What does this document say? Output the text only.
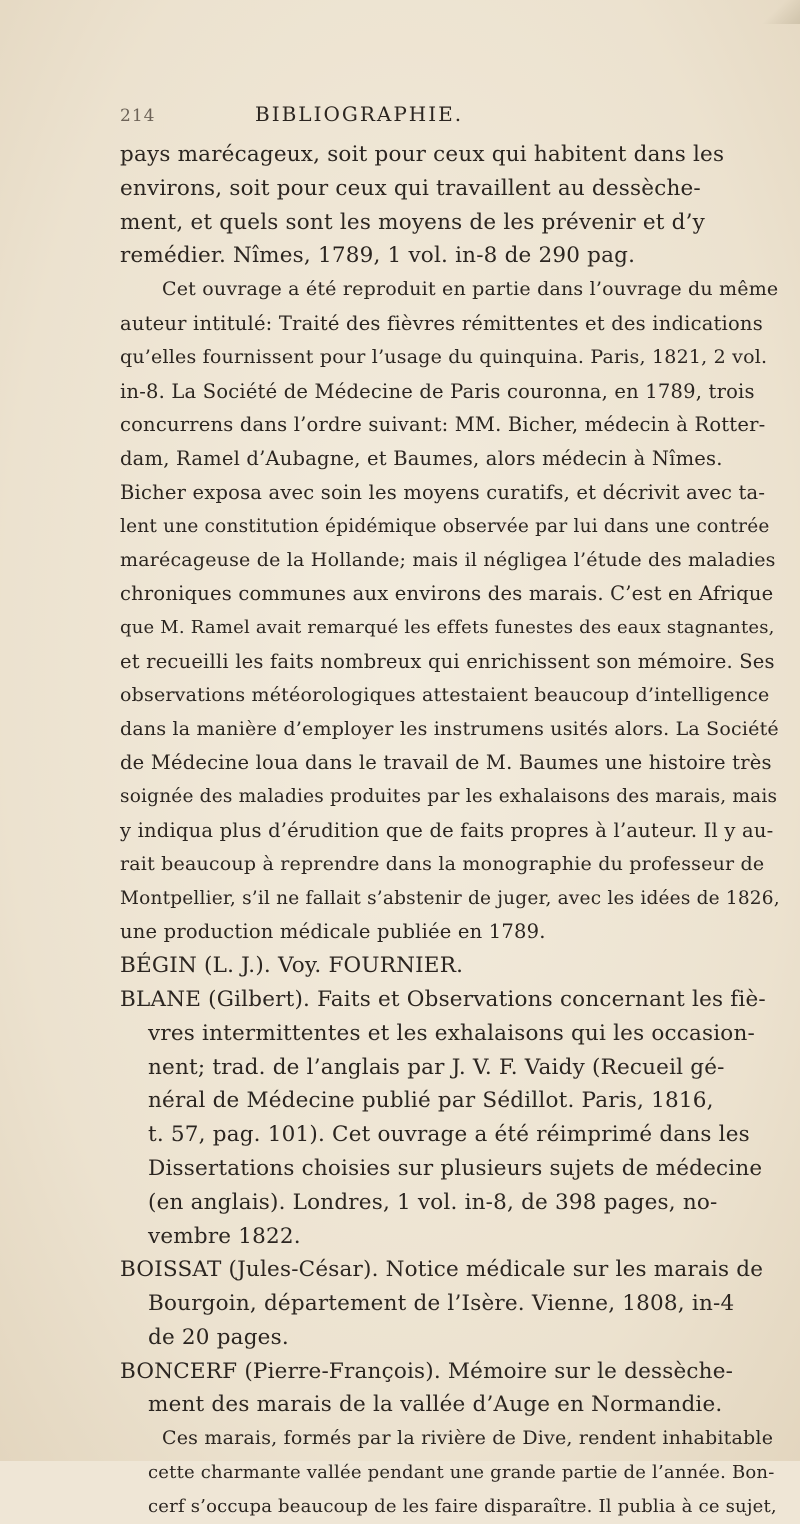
214	BIBLIOGRAPHIE.
pays marécageux, soit pour ceux qui habitent dans les
environs, soit pour ceux qui travaillent au dessèche-
ment, et quels sont les moyens de les prévenir et d’y
remédier. Nîmes, 1789, 1 vol. in-8 de 290 pag.
Cet ouvrage a été reproduit en partie dans l’ouvrage du même
auteur intitulé: Traité des fièvres rémittentes et des indications
qu’elles fournissent pour l’usage du quinquina. Paris, 1821, 2 vol.
in-8. La Société de Médecine de Paris couronna, en 1789, trois
concurrens dans l’ordre suivant: MM. Bicher, médecin à Rotter-
dam, Ramel d’Aubagne, et Baumes, alors médecin à Nîmes.
Bicher exposa avec soin les moyens curatifs, et décrivit avec ta-
lent une constitution épidémique observée par lui dans une contrée
marécageuse de la Hollande; mais il négligea l’étude des maladies
chroniques communes aux environs des marais. C’est en Afrique
que M. Ramel avait remarqué les effets funestes des eaux stagnantes,
et recueilli les faits nombreux qui enrichissent son mémoire. Ses
observations météorologiques attestaient beaucoup d’intelligence
dans la manière d’employer les instrumens usités alors. La Société
de Médecine loua dans le travail de M. Baumes une histoire très
soignée des maladies produites par les exhalaisons des marais, mais
y indiqua plus d’érudition que de faits propres à l’auteur. Il y au-
rait beaucoup à reprendre dans la monographie du professeur de
Montpellier, s’il ne fallait s’abstenir de juger, avec les idées de 1826,
une production médicale publiée en 1789.
BÉGIN (L. J.). Voy. FOURNIER.
BLANE (Gilbert). Faits et Observations concernant les fiè-
vres intermittentes et les exhalaisons qui les occasion-
nent; trad. de l’anglais par J. V. F. Vaidy (Recueil gé-
néral de Médecine publié par Sédillot. Paris, 1816,
t. 57, pag. 101). Cet ouvrage a été réimprimé dans les
Dissertations choisies sur plusieurs sujets de médecine
(en anglais). Londres, 1 vol. in-8, de 398 pages, no-
vembre 1822.
BOISSAT (Jules-César). Notice médicale sur les marais de
Bourgoin, département de l’Isère. Vienne, 1808, in-4
de 20 pages.
BONCERF (Pierre-François). Mémoire sur le dessèche-
ment des marais de la vallée d’Auge en Normandie.
Ces marais, formés par la rivière de Dive, rendent inhabitable
cette charmante vallée pendant une grande partie de l’année. Bon-
cerf s’occupa beaucoup de les faire disparaître. Il publia à ce sujet,
